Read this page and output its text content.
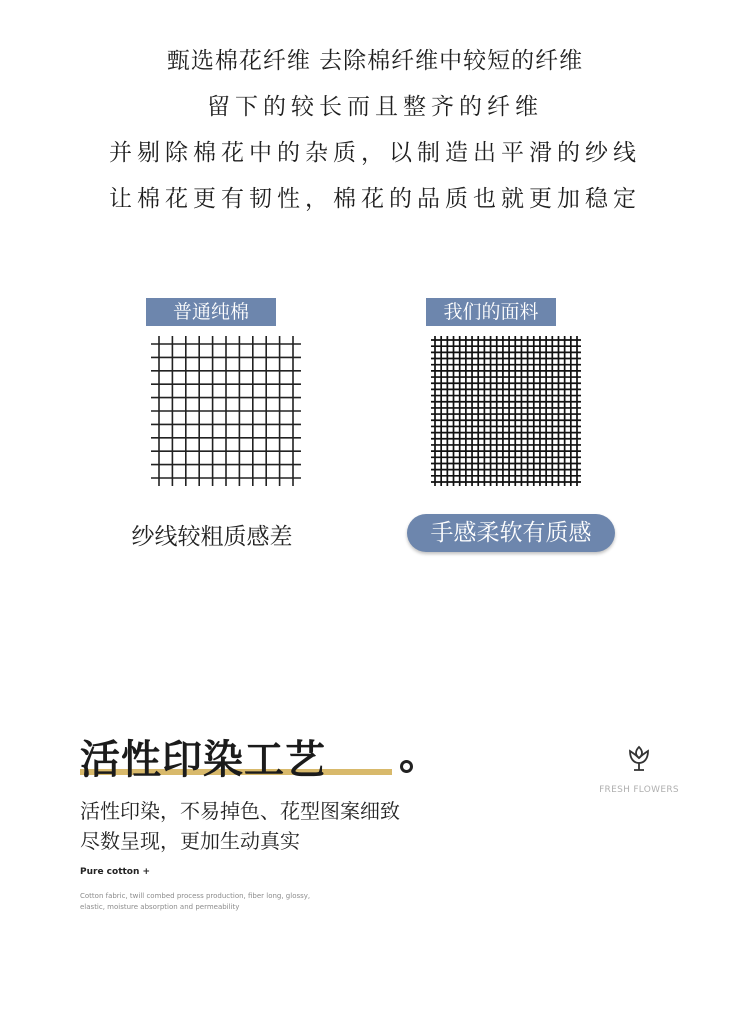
甄选棉花纤维 去除棉纤维中较短的纤维
留下的较长而且整齐的纤维
并剔除棉花中的杂质，以制造出平滑的纱线
让棉花更有韧性，棉花的品质也就更加稳定
普通纯棉	我们的面料
纱线较粗质感差	手感柔软有质感
活性印染工艺
FRESH FLOWERS
活性印染，不易掉色、花型图案细致
尽数呈现，更加生动真实
Pure cotton +
Cotton fabric, twill combed process production, fiber long, glossy,
elastic, moisture absorption and permeability
